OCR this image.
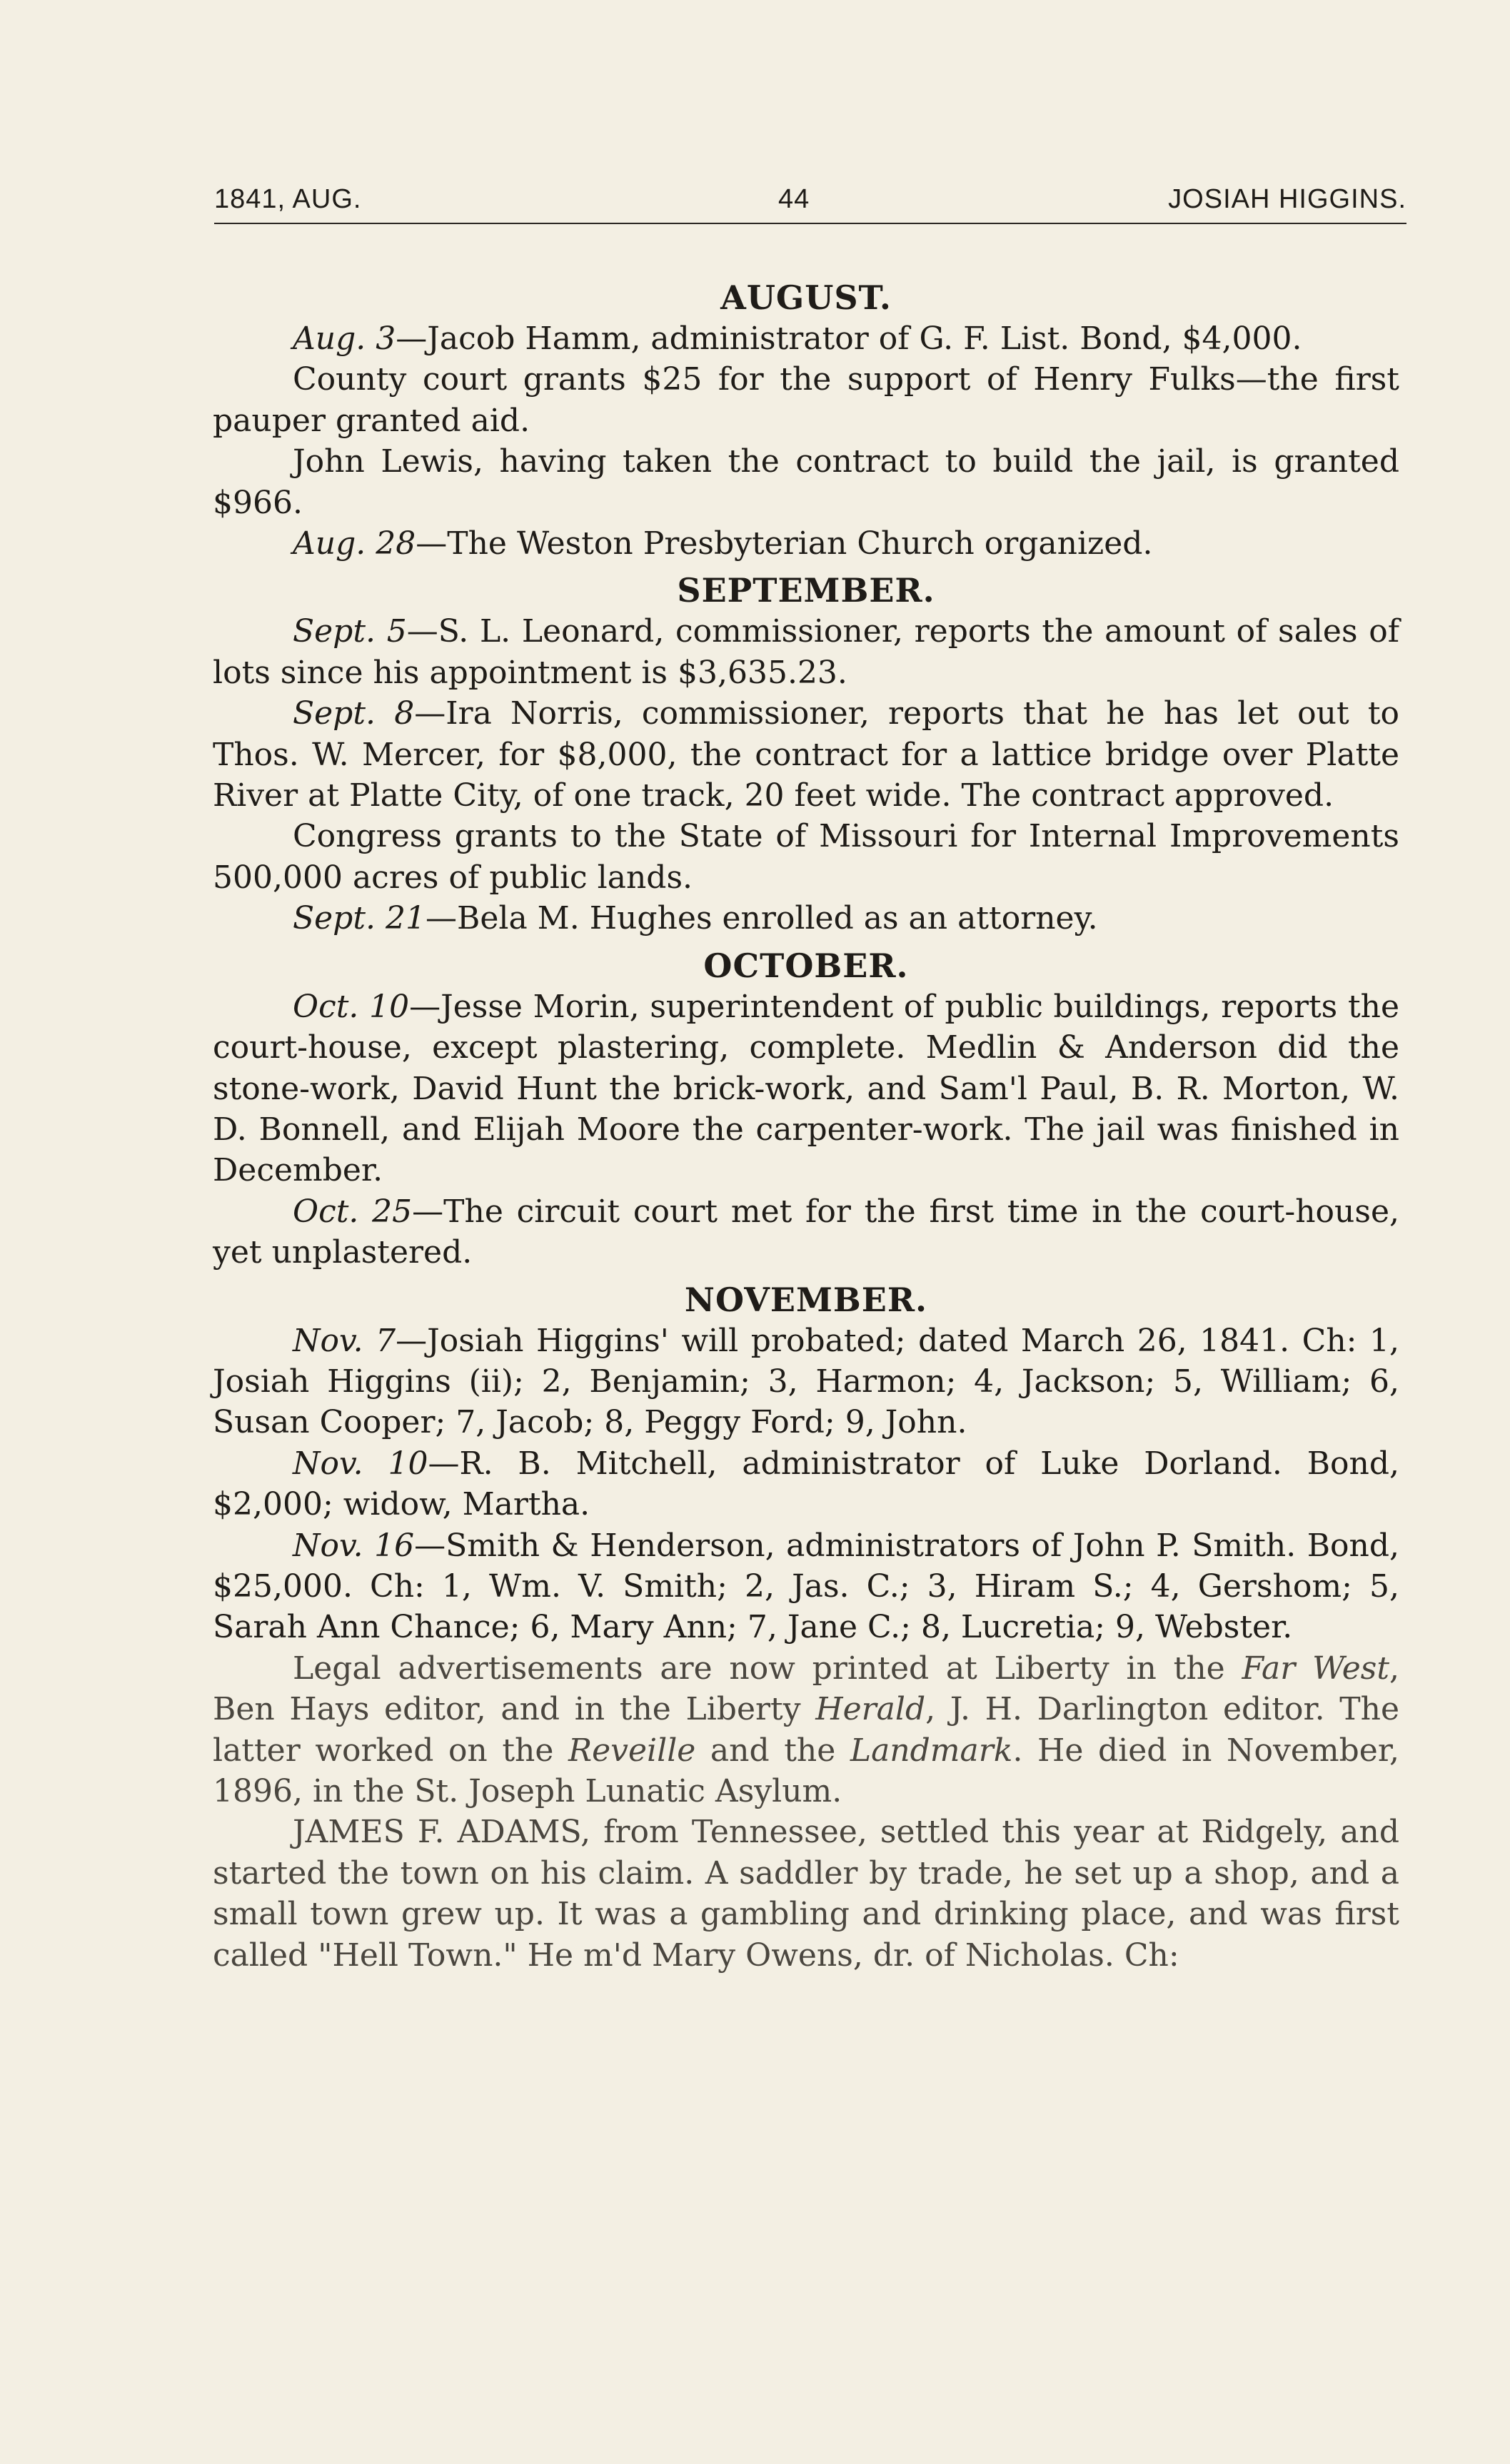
1841, AUG.	44	JOSIAH HIGGINS.
AUGUST.

Aug. 3—Jacob Hamm, administrator of G. F. List. Bond, $4,000.

County court grants $25 for the support of Henry Fulks—the first pauper granted aid.

John Lewis, having taken the contract to build the jail, is granted $966.

Aug. 28—The Weston Presbyterian Church organized.

SEPTEMBER.

Sept. 5—S. L. Leonard, commissioner, reports the amount of sales of lots since his appointment is $3,635.23.

Sept. 8—Ira Norris, commissioner, reports that he has let out to Thos. W. Mercer, for $8,000, the contract for a lattice bridge over Platte River at Platte City, of one track, 20 feet wide. The contract approved.

Congress grants to the State of Missouri for Internal Improvements 500,000 acres of public lands.

Sept. 21—Bela M. Hughes enrolled as an attorney.

OCTOBER.

Oct. 10—Jesse Morin, superintendent of public buildings, reports the court-house, except plastering, complete. Medlin & Anderson did the stone-work, David Hunt the brick-work, and Sam'l Paul, B. R. Morton, W. D. Bonnell, and Elijah Moore the carpenter-work. The jail was finished in December.

Oct. 25—The circuit court met for the first time in the court-house, yet unplastered.

NOVEMBER.

Nov. 7—Josiah Higgins' will probated; dated March 26, 1841. Ch: 1, Josiah Higgins (ii); 2, Benjamin; 3, Harmon; 4, Jackson; 5, William; 6, Susan Cooper; 7, Jacob; 8, Peggy Ford; 9, John.

Nov. 10—R. B. Mitchell, administrator of Luke Dorland. Bond, $2,000; widow, Martha.

Nov. 16—Smith & Henderson, administrators of John P. Smith. Bond, $25,000. Ch: 1, Wm. V. Smith; 2, Jas. C.; 3, Hiram S.; 4, Gershom; 5, Sarah Ann Chance; 6, Mary Ann; 7, Jane C.; 8, Lucretia; 9, Webster.

Legal advertisements are now printed at Liberty in the Far West, Ben Hays editor, and in the Liberty Herald, J. H. Darlington editor. The latter worked on the Reveille and the Landmark. He died in November, 1896, in the St. Joseph Lunatic Asylum.

JAMES F. ADAMS, from Tennessee, settled this year at Ridgely, and started the town on his claim. A saddler by trade, he set up a shop, and a small town grew up. It was a gambling and drinking place, and was first called "Hell Town." He m'd Mary Owens, dr. of Nicholas. Ch:
